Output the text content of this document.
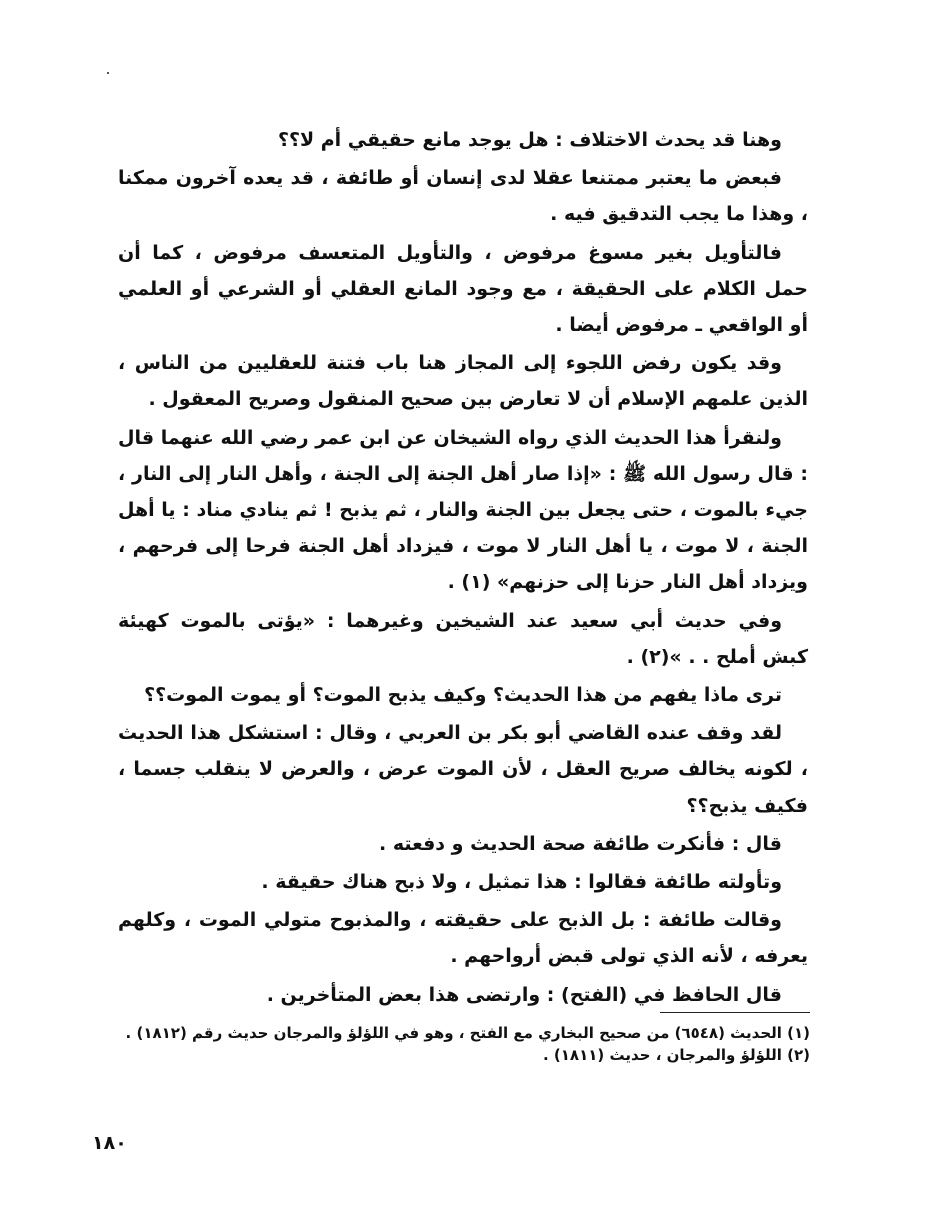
وهنا قد يحدث الاختلاف : هل يوجد مانع حقيقي أم لا؟؟

فبعض ما يعتبر ممتنعا عقلا لدى إنسان أو طائفة ، قد يعده آخرون ممكنا ، وهذا ما يجب التدقيق فيه .

فالتأويل بغير مسوغ مرفوض ، والتأويل المتعسف مرفوض ، كما أن حمل الكلام على الحقيقة ، مع وجود المانع العقلي أو الشرعي أو العلمي أو الواقعي ـ مرفوض أيضا .

وقد يكون رفض اللجوء إلى المجاز هنا باب فتنة للعقليين من الناس ، الذين علمهم الإسلام أن لا تعارض بين صحيح المنقول وصريح المعقول .

ولنقرأ هذا الحديث الذي رواه الشيخان عن ابن عمر رضي الله عنهما قال : قال رسول الله ﷺ : «إذا صار أهل الجنة إلى الجنة ، وأهل النار إلى النار ، جيء بالموت ، حتى يجعل بين الجنة والنار ، ثم يذبح ! ثم ينادي مناد : يا أهل الجنة ، لا موت ، يا أهل النار لا موت ، فيزداد أهل الجنة فرحا إلى فرحهم ، ويزداد أهل النار حزنا إلى حزنهم» (١) .

وفي حديث أبي سعيد عند الشيخين وغيرهما : «يؤتى بالموت كهيئة كبش أملح . . »(٢) .

ترى ماذا يفهم من هذا الحديث؟ وكيف يذبح الموت؟ أو يموت الموت؟؟

لقد وقف عنده القاضي أبو بكر بن العربي ، وقال : استشكل هذا الحديث ، لكونه يخالف صريح العقل ، لأن الموت عرض ، والعرض لا ينقلب جسما ، فكيف يذبح؟؟

قال : فأنكرت طائفة صحة الحديث و دفعته .

وتأولته طائفة فقالوا : هذا تمثيل ، ولا ذبح هناك حقيقة .

وقالت طائفة : بل الذبح على حقيقته ، والمذبوح متولي الموت ، وكلهم يعرفه ، لأنه الذي تولى قبض أرواحهم .

قال الحافظ في (الفتح) : وارتضى هذا بعض المتأخرين .

(١) الحديث (٦٥٤٨) من صحيح البخاري مع الفتح ، وهو في اللؤلؤ والمرجان حديث رقم (١٨١٢) .

(٢) اللؤلؤ والمرجان ، حديث (١٨١١) .

١٨٠
